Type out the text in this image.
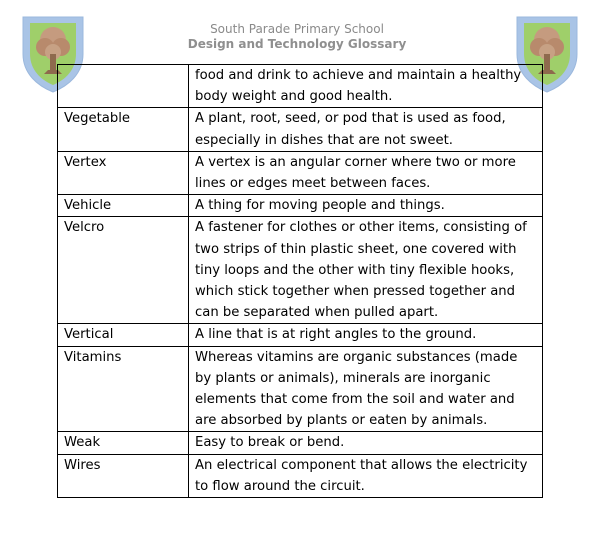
South Parade Primary School
Design and Technology Glossary
	food and drink to achieve and maintain a healthy body weight and good health.
Vegetable	A plant, root, seed, or pod that is used as food, especially in dishes that are not sweet.
Vertex	A vertex is an angular corner where two or more lines or edges meet between faces.
Vehicle	A thing for moving people and things.
Velcro	A fastener for clothes or other items, consisting of two strips of thin plastic sheet, one covered with tiny loops and the other with tiny flexible hooks, which stick together when pressed together and can be separated when pulled apart.
Vertical	A line that is at right angles to the ground.
Vitamins	Whereas vitamins are organic substances (made by plants or animals), minerals are inorganic elements that come from the soil and water and are absorbed by plants or eaten by animals.
Weak	Easy to break or bend.
Wires	An electrical component that allows the electricity to flow around the circuit.
